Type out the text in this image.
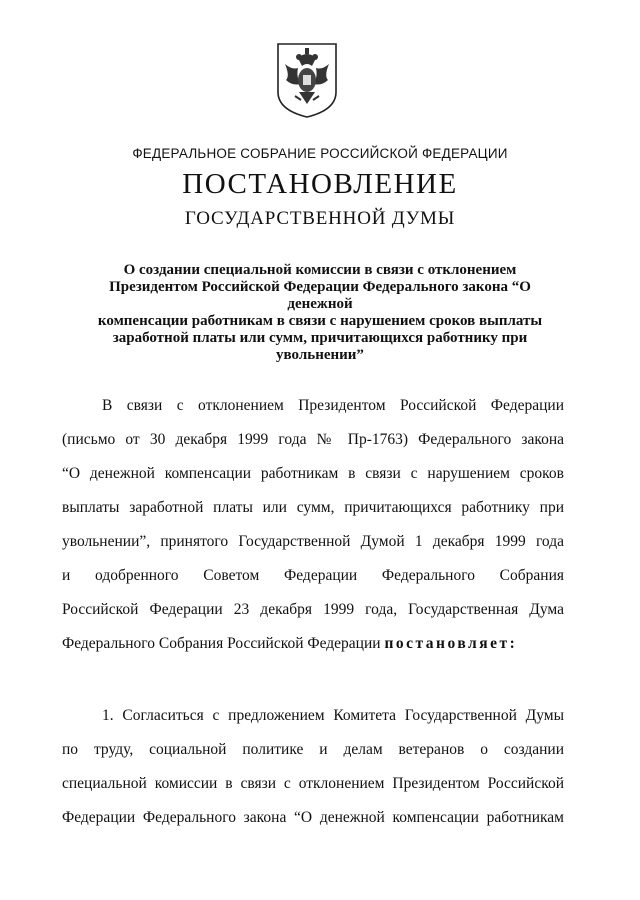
ФЕДЕРАЛЬНОЕ СОБРАНИЕ РОССИЙСКОЙ ФЕДЕРАЦИИ
ПОСТАНОВЛЕНИЕ
ГОСУДАРСТВЕННОЙ ДУМЫ
О создании специальной комиссии в связи с отклонением
Президентом Российской Федерации Федерального закона “О денежной
компенсации работникам в связи с нарушением сроков выплаты
заработной платы или сумм, причитающихся работнику при
увольнении”
В связи с отклонением Президентом Российской Федерации
(письмо от 30 декабря 1999 года № Пр-1763) Федерального закона
“О денежной компенсации работникам в связи с нарушением сроков
выплаты заработной платы или сумм, причитающихся работнику при
увольнении”, принятого Государственной Думой 1 декабря 1999 года
и одобренного Советом Федерации Федерального Собрания
Российской Федерации 23 декабря 1999 года, Государственная Дума
Федерального Собрания Российской Федерации постановляет:
1. Согласиться с предложением Комитета Государственной Думы
по труду, социальной политике и делам ветеранов о создании
специальной комиссии в связи с отклонением Президентом Российской
Федерации Федерального закона “О денежной компенсации работникам
